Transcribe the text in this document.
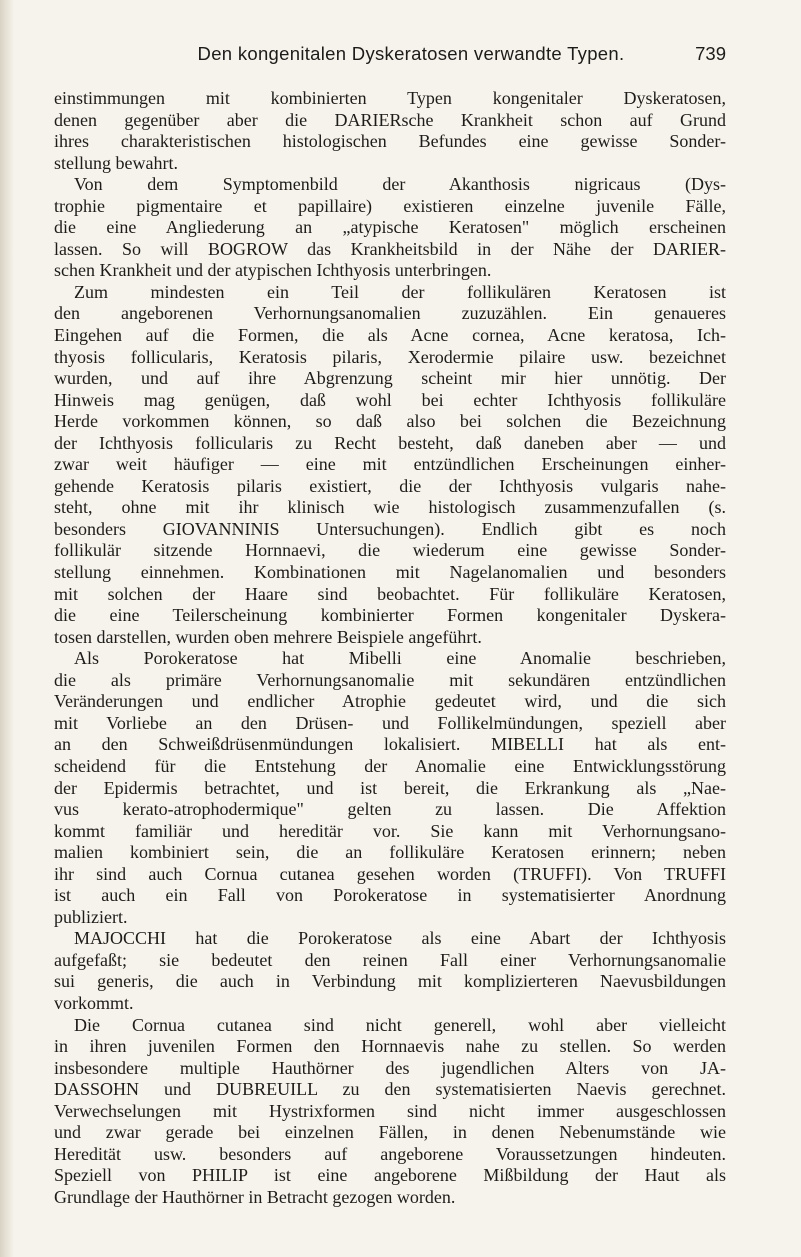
Den kongenitalen Dyskeratosen verwandte Typen.	739
einstimmungen mit kombinierten Typen kongenitaler Dyskeratosen,
denen gegenüber aber die DARIERsche Krankheit schon auf Grund
ihres charakteristischen histologischen Befundes eine gewisse Sonder-
stellung bewahrt.
Von dem Symptomenbild der Akanthosis nigricaus (Dys-
trophie pigmentaire et papillaire) existieren einzelne juvenile Fälle,
die eine Angliederung an „atypische Keratosen" möglich erscheinen
lassen. So will BOGROW das Krankheitsbild in der Nähe der DARIER-
schen Krankheit und der atypischen Ichthyosis unterbringen.
Zum mindesten ein Teil der follikulären Keratosen ist
den angeborenen Verhornungsanomalien zuzuzählen. Ein genaueres
Eingehen auf die Formen, die als Acne cornea, Acne keratosa, Ich-
thyosis follicularis, Keratosis pilaris, Xerodermie pilaire usw. bezeichnet
wurden, und auf ihre Abgrenzung scheint mir hier unnötig. Der
Hinweis mag genügen, daß wohl bei echter Ichthyosis follikuläre
Herde vorkommen können, so daß also bei solchen die Bezeichnung
der Ichthyosis follicularis zu Recht besteht, daß daneben aber — und
zwar weit häufiger — eine mit entzündlichen Erscheinungen einher-
gehende Keratosis pilaris existiert, die der Ichthyosis vulgaris nahe-
steht, ohne mit ihr klinisch wie histologisch zusammenzufallen (s.
besonders GIOVANNINIS Untersuchungen). Endlich gibt es noch
follikulär sitzende Hornnaevi, die wiederum eine gewisse Sonder-
stellung einnehmen. Kombinationen mit Nagelanomalien und besonders
mit solchen der Haare sind beobachtet. Für follikuläre Keratosen,
die eine Teilerscheinung kombinierter Formen kongenitaler Dyskera-
tosen darstellen, wurden oben mehrere Beispiele angeführt.
Als Porokeratose hat Mibelli eine Anomalie beschrieben,
die als primäre Verhornungsanomalie mit sekundären entzündlichen
Veränderungen und endlicher Atrophie gedeutet wird, und die sich
mit Vorliebe an den Drüsen- und Follikelmündungen, speziell aber
an den Schweißdrüsenmündungen lokalisiert. MIBELLI hat als ent-
scheidend für die Entstehung der Anomalie eine Entwicklungsstörung
der Epidermis betrachtet, und ist bereit, die Erkrankung als „Nae-
vus kerato-atrophodermique" gelten zu lassen. Die Affektion
kommt familiär und hereditär vor. Sie kann mit Verhornungsano-
malien kombiniert sein, die an follikuläre Keratosen erinnern; neben
ihr sind auch Cornua cutanea gesehen worden (TRUFFI). Von TRUFFI
ist auch ein Fall von Porokeratose in systematisierter Anordnung
publiziert.
MAJOCCHI hat die Porokeratose als eine Abart der Ichthyosis
aufgefaßt; sie bedeutet den reinen Fall einer Verhornungsanomalie
sui generis, die auch in Verbindung mit komplizierteren Naevusbildungen
vorkommt.
Die Cornua cutanea sind nicht generell, wohl aber vielleicht
in ihren juvenilen Formen den Hornnaevis nahe zu stellen. So werden
insbesondere multiple Hauthörner des jugendlichen Alters von JA-
DASSOHN und DUBREUILL zu den systematisierten Naevis gerechnet.
Verwechselungen mit Hystrixformen sind nicht immer ausgeschlossen
und zwar gerade bei einzelnen Fällen, in denen Nebenumstände wie
Heredität usw. besonders auf angeborene Voraussetzungen hindeuten.
Speziell von PHILIP ist eine angeborene Mißbildung der Haut als
Grundlage der Hauthörner in Betracht gezogen worden.
